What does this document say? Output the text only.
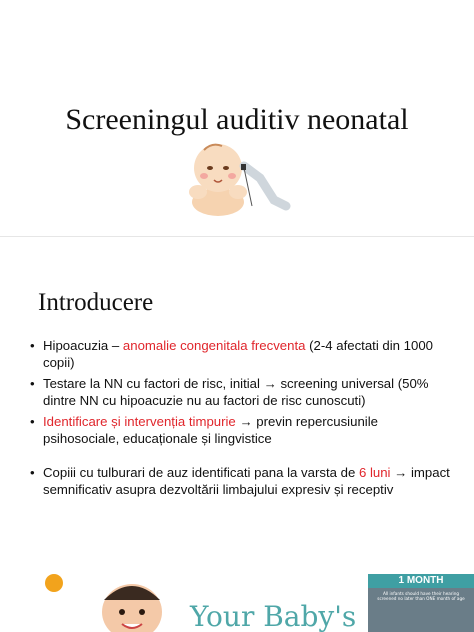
Screeningul auditiv neonatal
Introducere
• Hipoacuzia – anomalie congenitala frecventa (2-4 afectati din 1000 copii)
• Testare la NN cu factori de risc, initial → screening universal (50% dintre NN cu hipoacuzie nu au factori de risc cunoscuti)
• Identificare și intervenția timpurie → previn repercusiunile psihosociale, educaționale și lingvistice
• Copiii cu tulburari de auz identificati pana la varsta de 6 luni → impact semnificativ asupra dezvoltării limbajului expresiv și receptiv
Your Baby's
1 MONTH
All infants should have their hearing screened no later than ONE month of age
